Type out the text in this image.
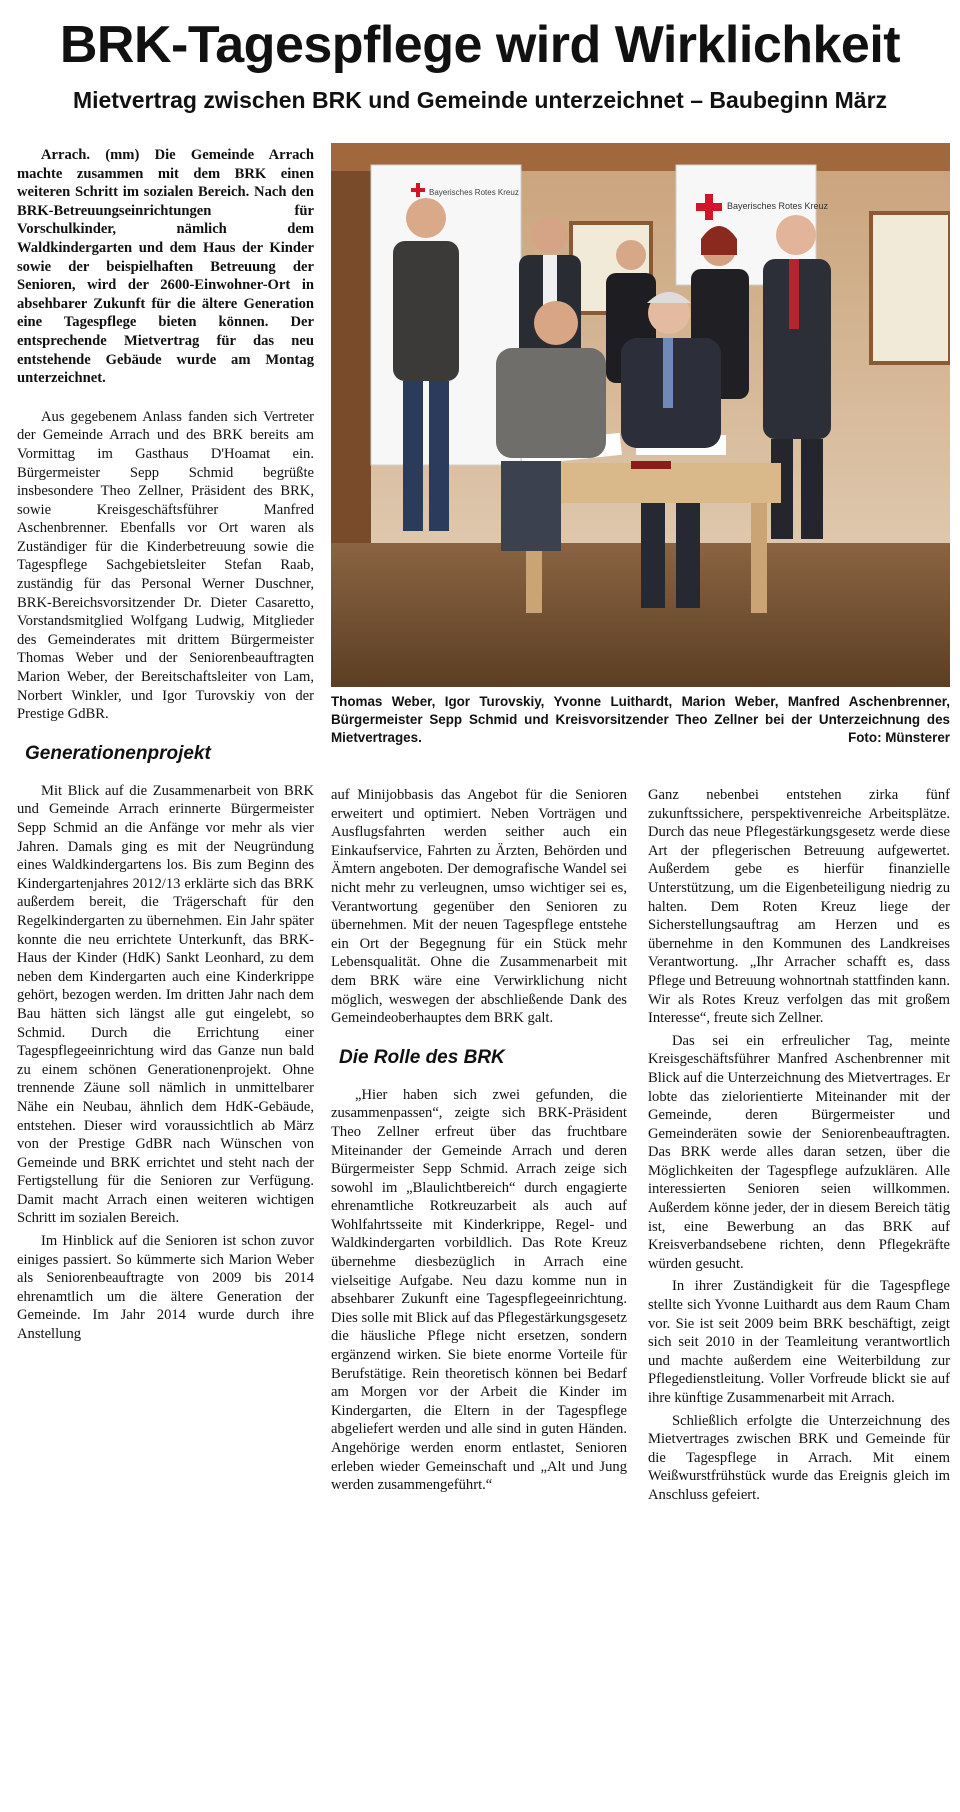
BRK-Tagespflege wird Wirklichkeit
Mietvertrag zwischen BRK und Gemeinde unterzeichnet – Baubeginn März

Arrach. (mm) Die Gemeinde Arrach machte zusammen mit dem BRK einen weiteren Schritt im sozialen Bereich. Nach den BRK-Betreuungseinrichtungen für Vorschulkinder, nämlich dem Waldkindergarten und dem Haus der Kinder sowie der beispielhaften Betreuung der Senioren, wird der 2600-Einwohner-Ort in absehbarer Zukunft für die ältere Generation eine Tagespflege bieten können. Der entsprechende Mietvertrag für das neu entstehende Gebäude wurde am Montag unterzeichnet.

Aus gegebenem Anlass fanden sich Vertreter der Gemeinde Arrach und des BRK bereits am Vormittag im Gasthaus D'Hoamat ein. Bürgermeister Sepp Schmid begrüßte insbesondere Theo Zellner, Präsident des BRK, sowie Kreisgeschäftsführer Manfred Aschenbrenner. Ebenfalls vor Ort waren als Zuständiger für die Kinderbetreuung sowie die Tagespflege Sachgebietsleiter Stefan Raab, zuständig für das Personal Werner Duschner, BRK-Bereichsvorsitzender Dr. Dieter Casaretto, Vorstandsmitglied Wolfgang Ludwig, Mitglieder des Gemeinderates mit drittem Bürgermeister Thomas Weber und der Seniorenbeauftragten Marion Weber, der Bereitschaftsleiter von Lam, Norbert Winkler, und Igor Turovskiy von der Prestige GdBR.

Generationenprojekt

Mit Blick auf die Zusammenarbeit von BRK und Gemeinde Arrach erinnerte Bürgermeister Sepp Schmid an die Anfänge vor mehr als vier Jahren. Damals ging es mit der Neugründung eines Waldkindergartens los. Bis zum Beginn des Kindergartenjahres 2012/13 erklärte sich das BRK außerdem bereit, die Trägerschaft für den Regelkindergarten zu übernehmen. Ein Jahr später konnte die neu errichtete Unterkunft, das BRK-Haus der Kinder (HdK) Sankt Leonhard, zu dem neben dem Kindergarten auch eine Kinderkrippe gehört, bezogen werden. Im dritten Jahr nach dem Bau hätten sich längst alle gut eingelebt, so Schmid. Durch die Errichtung einer Tagespflegeeinrichtung wird das Ganze nun bald zu einem schönen Generationenprojekt. Ohne trennende Zäune soll nämlich in unmittelbarer Nähe ein Neubau, ähnlich dem HdK-Gebäude, entstehen. Dieser wird voraussichtlich ab März von der Prestige GdBR nach Wünschen von Gemeinde und BRK errichtet und steht nach der Fertigstellung für die Senioren zur Verfügung. Damit macht Arrach einen weiteren wichtigen Schritt im sozialen Bereich.

Im Hinblick auf die Senioren ist schon zuvor einiges passiert. So kümmerte sich Marion Weber als Seniorenbeauftragte von 2009 bis 2014 ehrenamtlich um die ältere Generation der Gemeinde. Im Jahr 2014 wurde durch ihre Anstellung

Bayerisches Rotes Kreuz
Bayerisches Rotes Kreuz
Thomas Weber, Igor Turovskiy, Yvonne Luithardt, Marion Weber, Manfred Aschenbrenner, Bürgermeister Sepp Schmid und Kreisvorsitzender Theo Zellner bei der Unterzeichnung des Mietvertrages.	Foto: Münsterer

auf Minijobbasis das Angebot für die Senioren erweitert und optimiert. Neben Vorträgen und Ausflugsfahrten werden seither auch ein Einkaufservice, Fahrten zu Ärzten, Behörden und Ämtern angeboten. Der demografische Wandel sei nicht mehr zu verleugnen, umso wichtiger sei es, Verantwortung gegenüber den Senioren zu übernehmen. Mit der neuen Tagespflege entstehe ein Ort der Begegnung für ein Stück mehr Lebensqualität. Ohne die Zusammenarbeit mit dem BRK wäre eine Verwirklichung nicht möglich, weswegen der abschließende Dank des Gemeindeoberhauptes dem BRK galt.

Die Rolle des BRK

„Hier haben sich zwei gefunden, die zusammenpassen“, zeigte sich BRK-Präsident Theo Zellner erfreut über das fruchtbare Miteinander der Gemeinde Arrach und deren Bürgermeister Sepp Schmid. Arrach zeige sich sowohl im „Blaulichtbereich“ durch engagierte ehrenamtliche Rotkreuzarbeit als auch auf Wohlfahrtsseite mit Kinderkrippe, Regel- und Waldkindergarten vorbildlich. Das Rote Kreuz übernehme diesbezüglich in Arrach eine vielseitige Aufgabe. Neu dazu komme nun in absehbarer Zukunft eine Tagespflegeeinrichtung. Dies solle mit Blick auf das Pflegestärkungsgesetz die häusliche Pflege nicht ersetzen, sondern ergänzend wirken. Sie biete enorme Vorteile für Berufstätige. Rein theoretisch können bei Bedarf am Morgen vor der Arbeit die Kinder im Kindergarten, die Eltern in der Tagespflege abgeliefert werden und alle sind in guten Händen. Angehörige werden enorm entlastet, Senioren erleben wieder Gemeinschaft und „Alt und Jung werden zusammengeführt.“

Ganz nebenbei entstehen zirka fünf zukunftssichere, perspektivenreiche Arbeitsplätze. Durch das neue Pflegestärkungsgesetz werde diese Art der pflegerischen Betreuung aufgewertet. Außerdem gebe es hierfür finanzielle Unterstützung, um die Eigenbeteiligung niedrig zu halten. Dem Roten Kreuz liege der Sicherstellungsauftrag am Herzen und es übernehme in den Kommunen des Landkreises Verantwortung. „Ihr Arracher schafft es, dass Pflege und Betreuung wohnortnah stattfinden kann. Wir als Rotes Kreuz verfolgen das mit großem Interesse“, freute sich Zellner.

Das sei ein erfreulicher Tag, meinte Kreisgeschäftsführer Manfred Aschenbrenner mit Blick auf die Unterzeichnung des Mietvertrages. Er lobte das zielorientierte Miteinander mit der Gemeinde, deren Bürgermeister und Gemeinderäten sowie der Seniorenbeauftragten. Das BRK werde alles daran setzen, über die Möglichkeiten der Tagespflege aufzuklären. Alle interessierten Senioren seien willkommen. Außerdem könne jeder, der in diesem Bereich tätig ist, eine Bewerbung an das BRK auf Kreisverbandsebene richten, denn Pflegekräfte würden gesucht.

In ihrer Zuständigkeit für die Tagespflege stellte sich Yvonne Luithardt aus dem Raum Cham vor. Sie ist seit 2009 beim BRK beschäftigt, zeigt sich seit 2010 in der Teamleitung verantwortlich und machte außerdem eine Weiterbildung zur Pflegedienstleitung. Voller Vorfreude blickt sie auf ihre künftige Zusammenarbeit mit Arrach.

Schließlich erfolgte die Unterzeichnung des Mietvertrages zwischen BRK und Gemeinde für die Tagespflege in Arrach. Mit einem Weißwurstfrühstück wurde das Ereignis gleich im Anschluss gefeiert.
